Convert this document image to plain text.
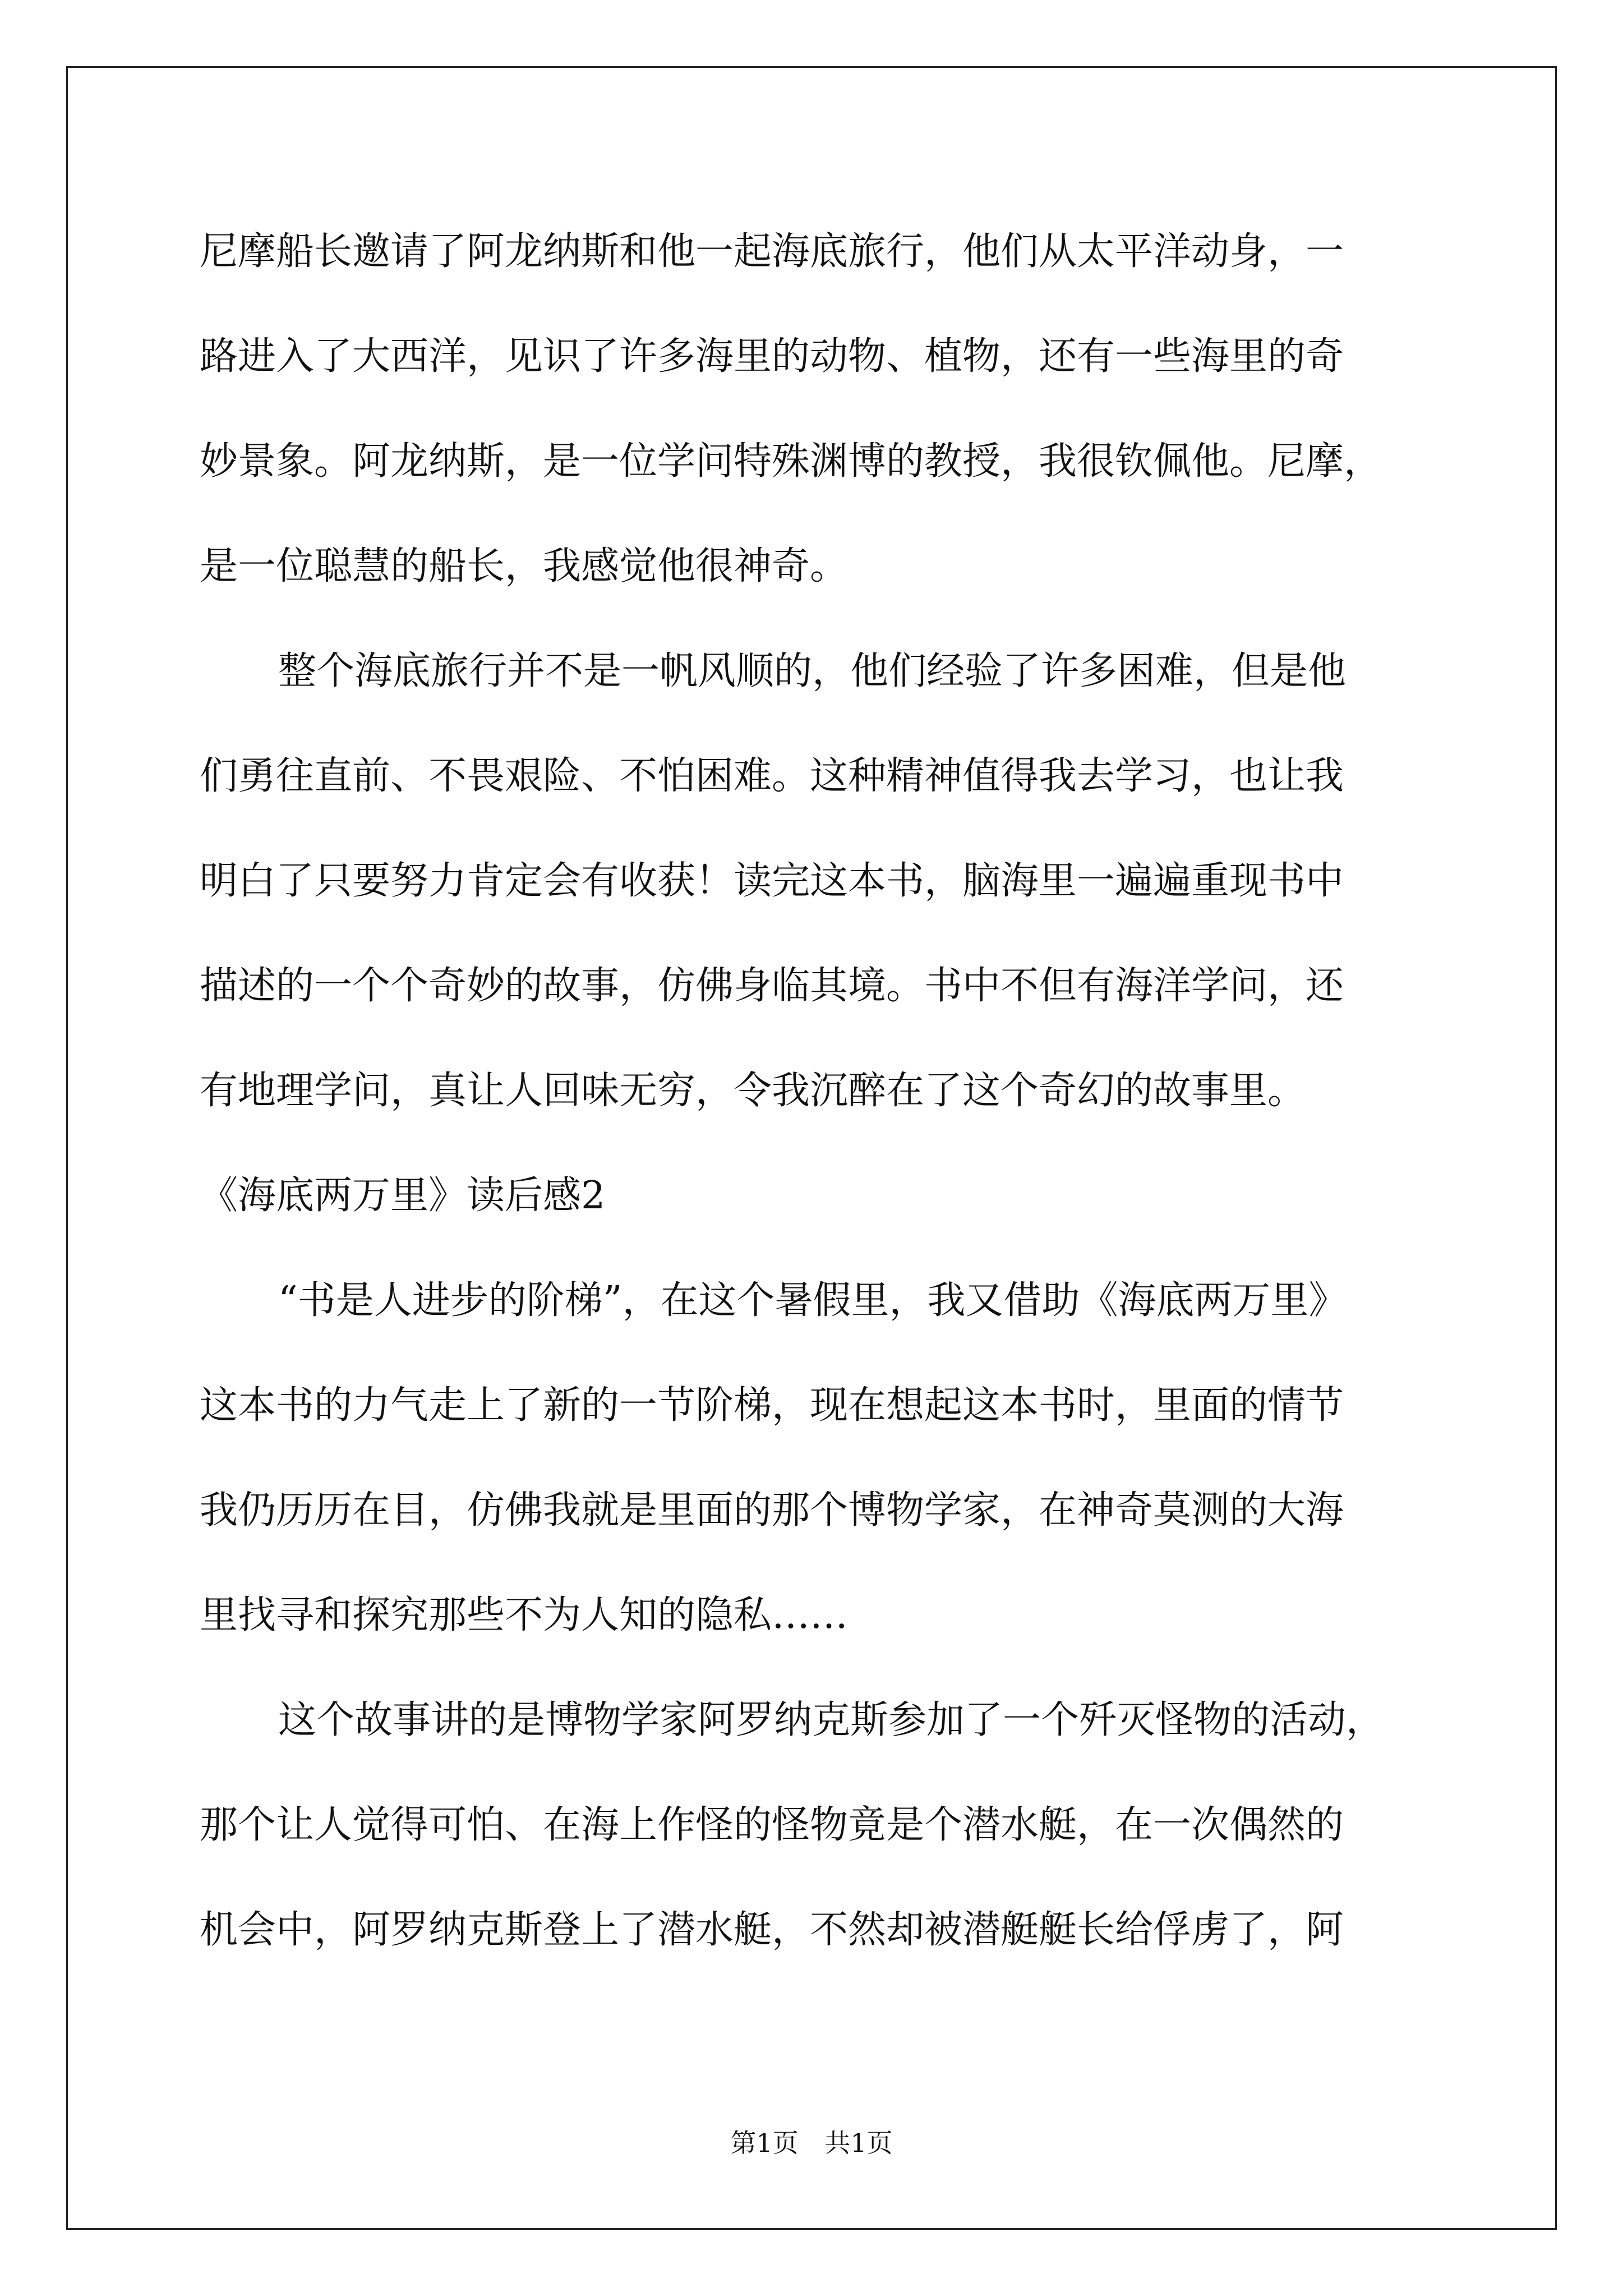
尼摩船长邀请了阿龙纳斯和他一起海底旅行，他们从太平洋动身，一
路进入了大西洋，见识了许多海里的动物、植物，还有一些海里的奇
妙景象。阿龙纳斯，是一位学问特殊渊博的教授，我很钦佩他。尼摩，
是一位聪慧的船长，我感觉他很神奇。
整个海底旅行并不是一帆风顺的，他们经验了许多困难，但是他
们勇往直前、不畏艰险、不怕困难。这种精神值得我去学习，也让我
明白了只要努力肯定会有收获！读完这本书，脑海里一遍遍重现书中
描述的一个个奇妙的故事，仿佛身临其境。书中不但有海洋学问，还
有地理学问，真让人回味无穷，令我沉醉在了这个奇幻的故事里。
《海底两万里》读后感2
“书是人进步的阶梯”，在这个暑假里，我又借助《海底两万里》
这本书的力气走上了新的一节阶梯，现在想起这本书时，里面的情节
我仍历历在目，仿佛我就是里面的那个博物学家，在神奇莫测的大海
里找寻和探究那些不为人知的隐私……
这个故事讲的是博物学家阿罗纳克斯参加了一个歼灭怪物的活动，
那个让人觉得可怕、在海上作怪的怪物竟是个潜水艇，在一次偶然的
机会中，阿罗纳克斯登上了潜水艇，不然却被潜艇艇长给俘虏了，阿
第1页 共1页
